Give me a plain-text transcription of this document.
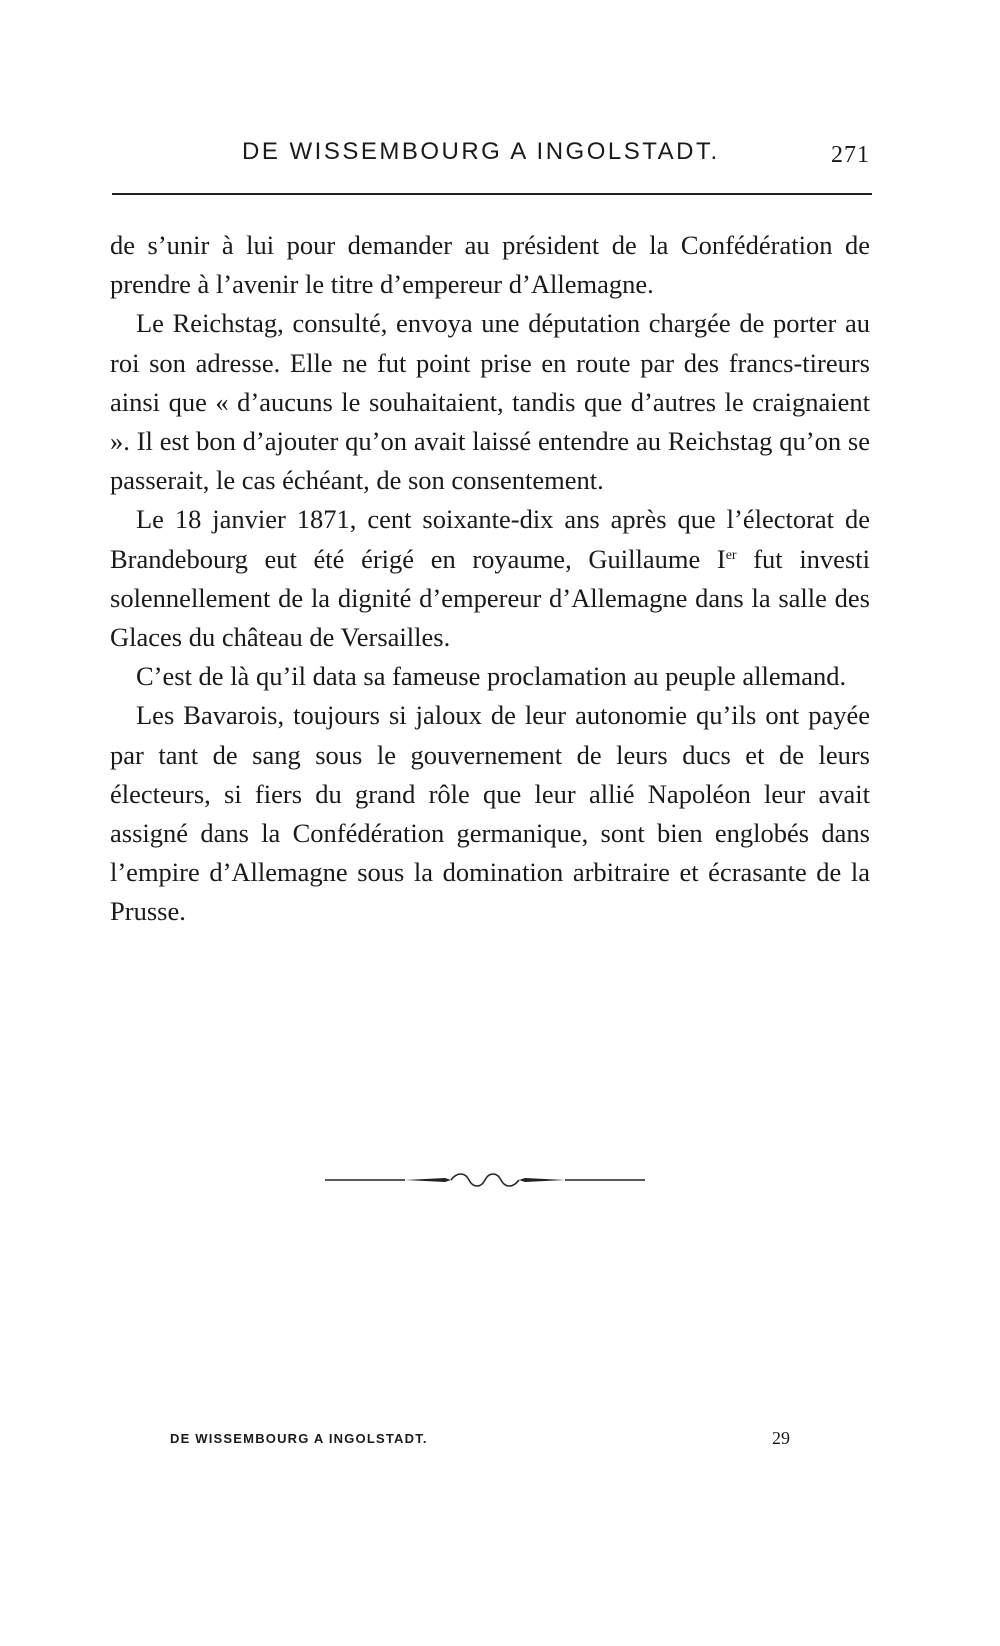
DE WISSEMBOURG A INGOLSTADT.	271

de s’unir à lui pour demander au président de la Confédération de prendre à l’avenir le titre d’empereur d’Allemagne.

Le Reichstag, consulté, envoya une députation chargée de porter au roi son adresse. Elle ne fut point prise en route par des francs-tireurs ainsi que « d’aucuns le souhaitaient, tandis que d’autres le craignaient ». Il est bon d’ajouter qu’on avait laissé entendre au Reichstag qu’on se passerait, le cas échéant, de son consentement.

Le 18 janvier 1871, cent soixante-dix ans après que l’électorat de Brandebourg eut été érigé en royaume, Guillaume Ier fut investi solennellement de la dignité d’empereur d’Allemagne dans la salle des Glaces du château de Versailles.

C’est de là qu’il data sa fameuse proclamation au peuple allemand.

Les Bavarois, toujours si jaloux de leur autonomie qu’ils ont payée par tant de sang sous le gouvernement de leurs ducs et de leurs électeurs, si fiers du grand rôle que leur allié Napoléon leur avait assigné dans la Confédération germanique, sont bien englobés dans l’empire d’Allemagne sous la domination arbitraire et écrasante de la Prusse.

DE WISSEMBOURG A INGOLSTADT.	29
